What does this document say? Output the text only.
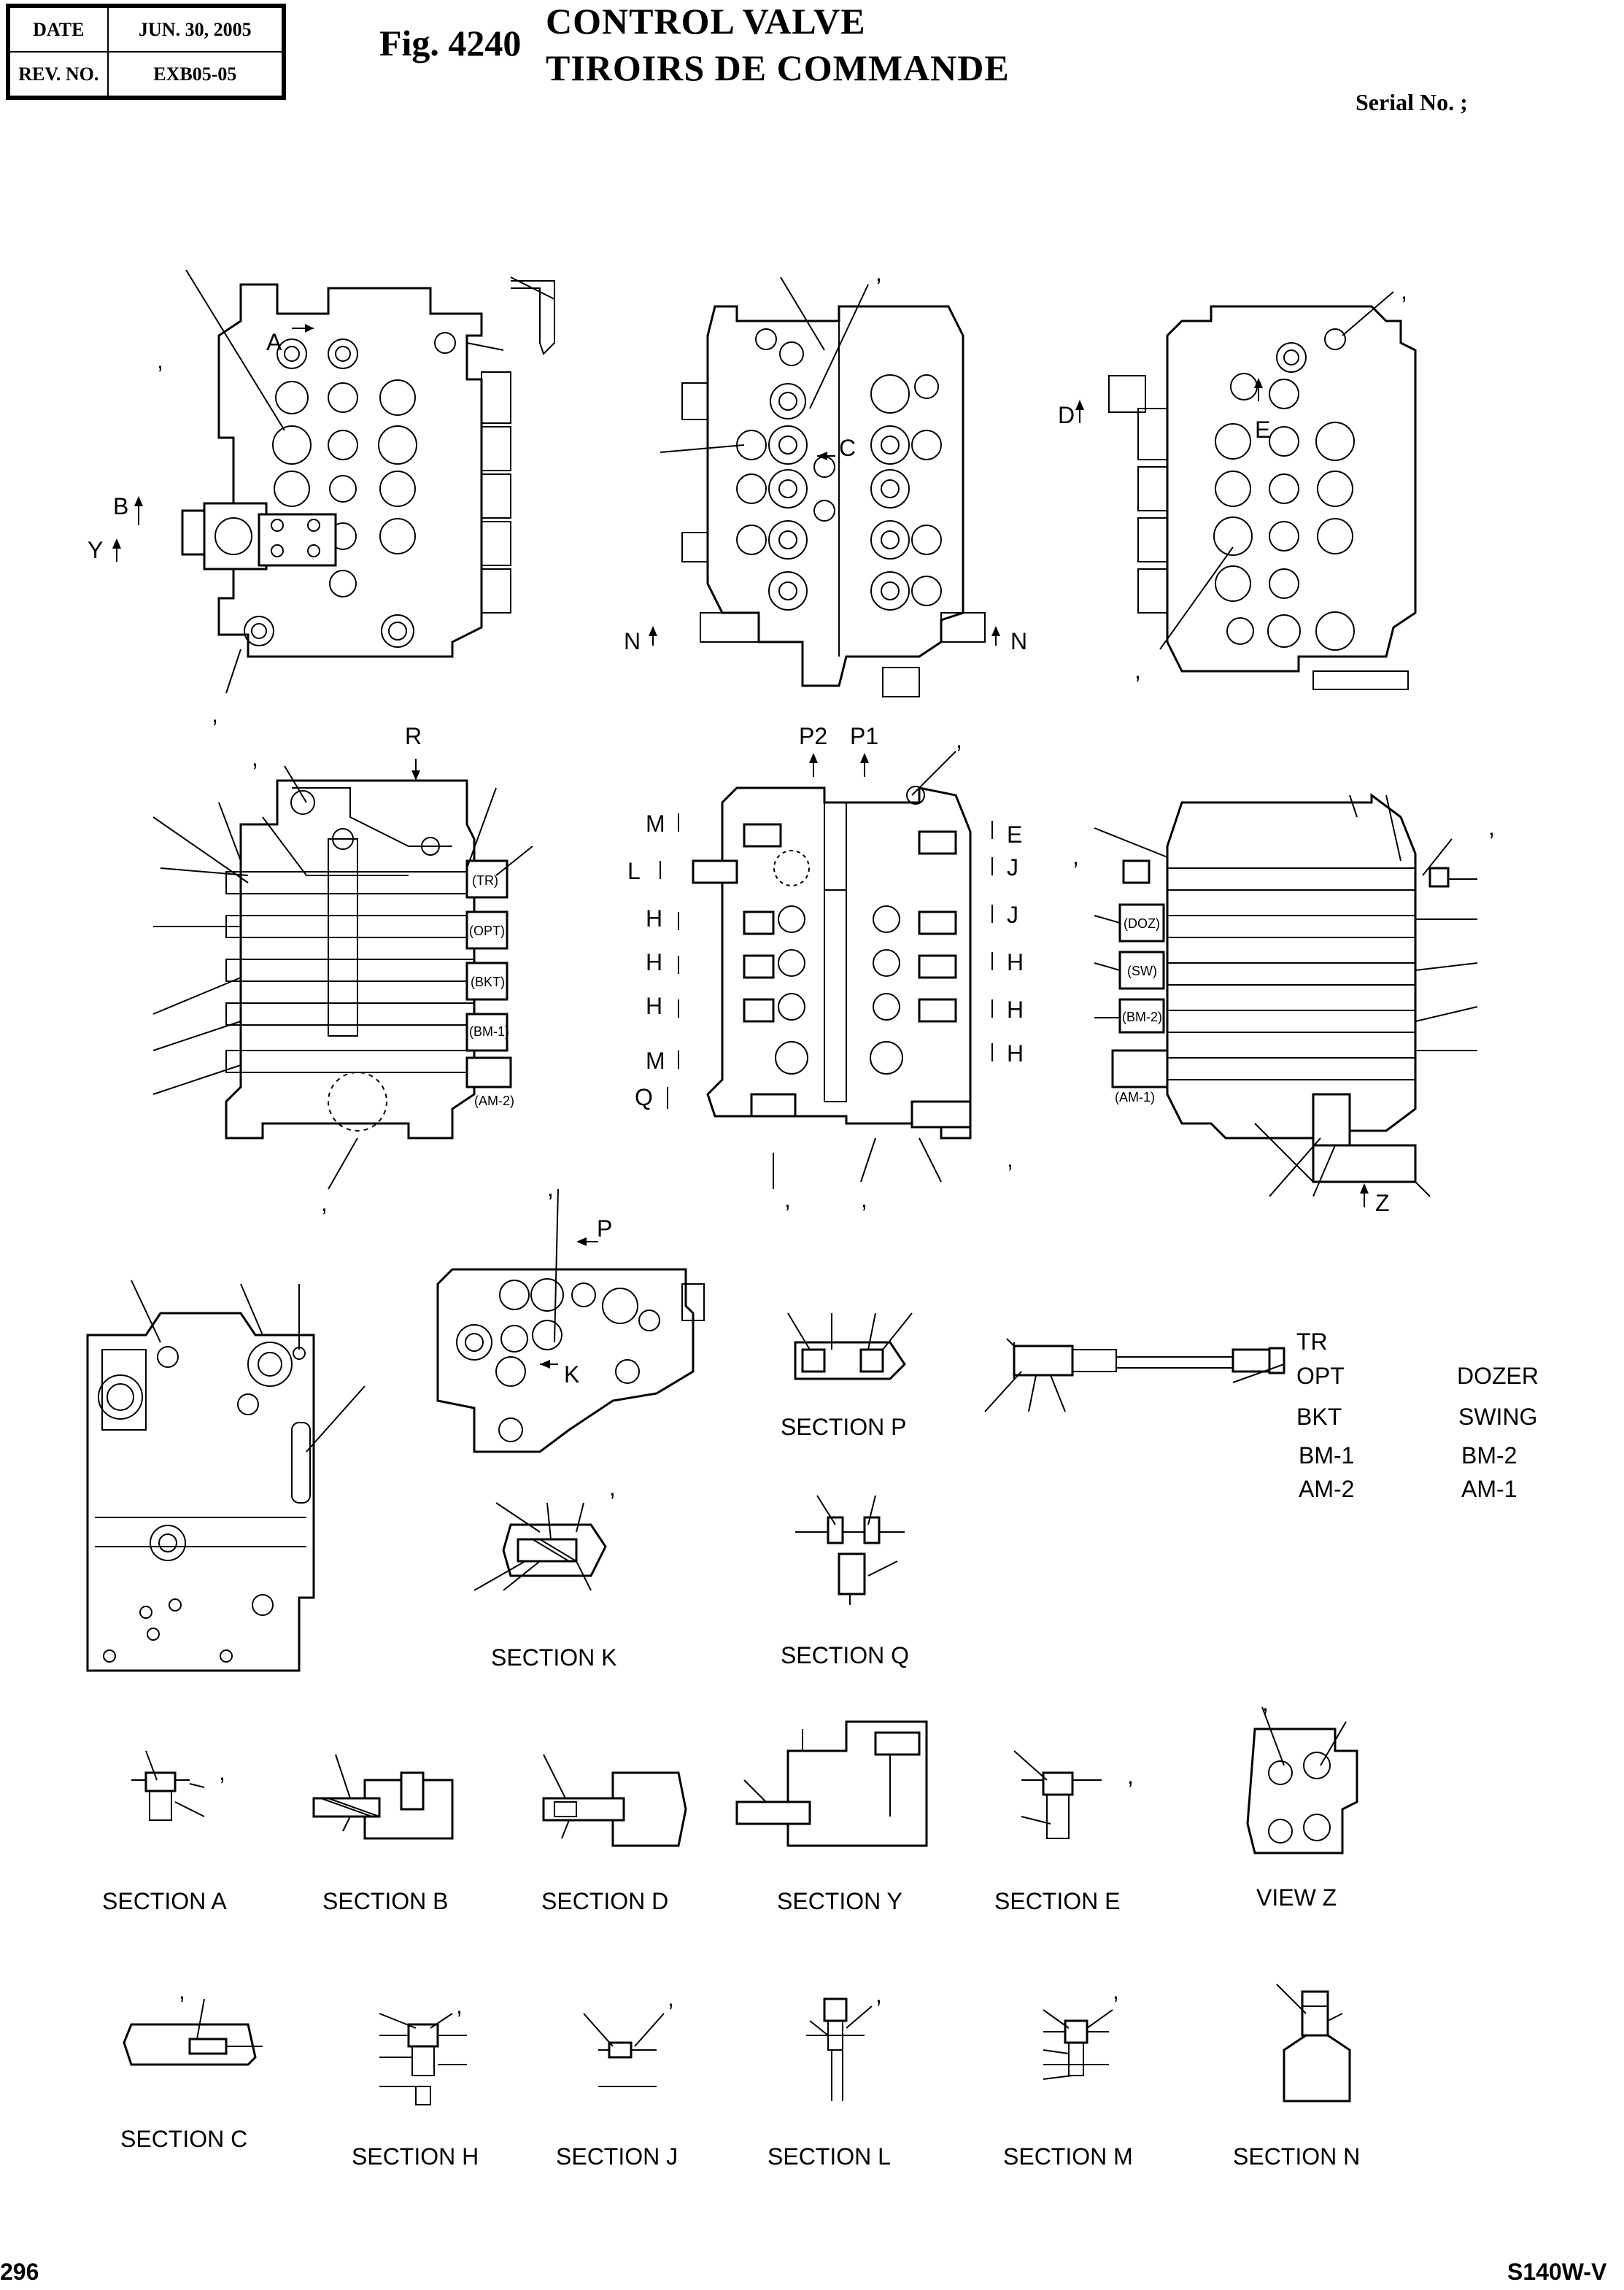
DATE	JUN. 30, 2005
REV. NO.	EXB05-05
Fig. 4240
CONTROL VALVE
TIROIRS DE COMMANDE
Serial No. ;
A
B
Y
,
,
C
N	N
,
D
E
,
,
(TR)
(OPT)
(BKT)
(BM-1)
(AM-2)
R
,
,
P2 P1
M
L
H
H
H
M
Q
E
J
J
H
H
H
,
,	,
,
(DOZ)
(SW)
(BM-2)
(AM-1)
Z
,
,
P
K
,
SECTION P
TR
OPT
BKT
BM-1
AM-2
DOZER
SWING
BM-2
AM-1
,
SECTION K	SECTION Q
,
SECTION A	SECTION B	SECTION D	SECTION Y
,
SECTION E
,
VIEW Z
,
SECTION C
,
SECTION H
,
SECTION J
,
SECTION L
,
SECTION M	SECTION N
296	S140W-V
